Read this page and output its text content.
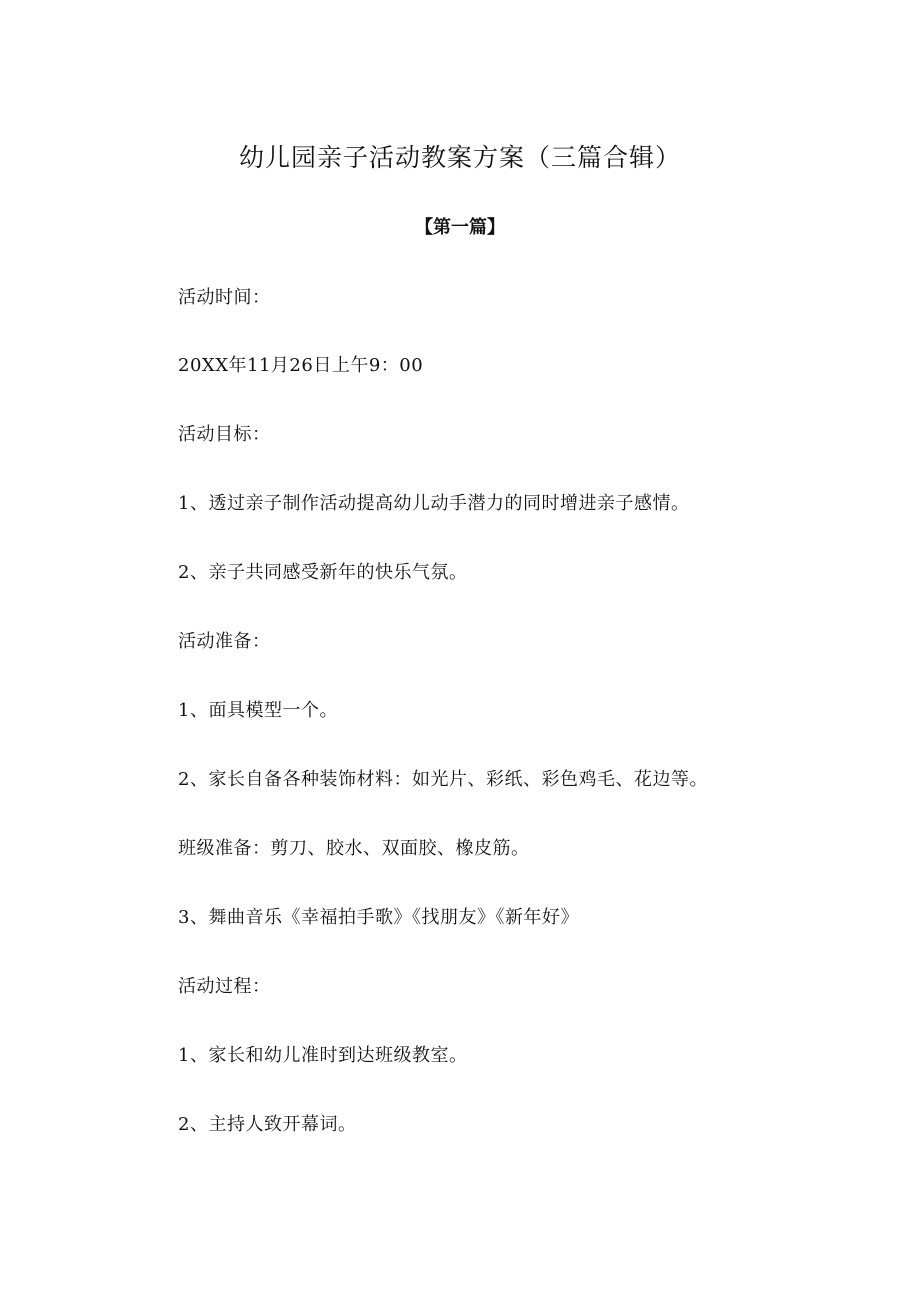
幼儿园亲子活动教案方案（三篇合辑）
【第一篇】

活动时间：

20XX年11月26日上午9：00

活动目标：

1、透过亲子制作活动提高幼儿动手潜力的同时增进亲子感情。

2、亲子共同感受新年的快乐气氛。

活动准备：

1、面具模型一个。

2、家长自备各种装饰材料：如光片、彩纸、彩色鸡毛、花边等。

班级准备：剪刀、胶水、双面胶、橡皮筋。

3、舞曲音乐《幸福拍手歌》《找朋友》《新年好》

活动过程：

1、家长和幼儿准时到达班级教室。

2、主持人致开幕词。
